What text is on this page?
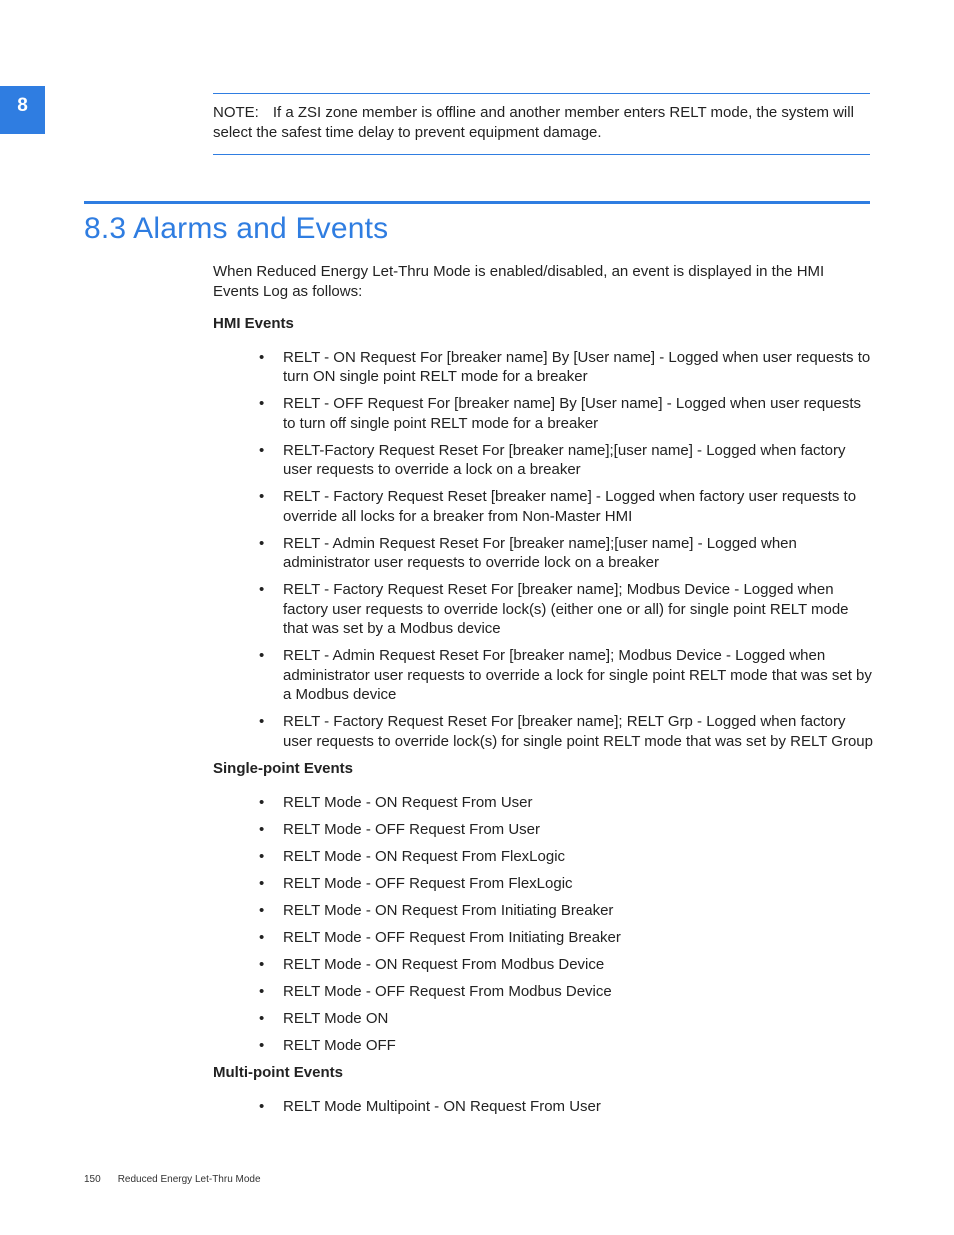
8	NOTE: If a ZSI zone member is offline and another member enters RELT mode, the system will select the safest time delay to prevent equipment damage.
8.3 Alarms and Events

When Reduced Energy Let-Thru Mode is enabled/disabled, an event is displayed in the HMI Events Log as follows:

HMI Events

• RELT - ON Request For [breaker name] By [User name] - Logged when user requests to turn ON single point RELT mode for a breaker
• RELT - OFF Request For [breaker name] By [User name] - Logged when user requests to turn off single point RELT mode for a breaker
• RELT-Factory Request Reset For [breaker name];[user name] - Logged when factory user requests to override a lock on a breaker
• RELT - Factory Request Reset [breaker name] - Logged when factory user requests to override all locks for a breaker from Non-Master HMI
• RELT - Admin Request Reset For [breaker name];[user name] - Logged when administrator user requests to override lock on a breaker
• RELT - Factory Request Reset For [breaker name]; Modbus Device - Logged when factory user requests to override lock(s) (either one or all) for single point RELT mode that was set by a Modbus device
• RELT - Admin Request Reset For [breaker name]; Modbus Device - Logged when administrator user requests to override a lock for single point RELT mode that was set by a Modbus device
• RELT - Factory Request Reset For [breaker name]; RELT Grp - Logged when factory user requests to override lock(s) for single point RELT mode that was set by RELT Group

Single-point Events

• RELT Mode - ON Request From User
• RELT Mode - OFF Request From User
• RELT Mode - ON Request From FlexLogic
• RELT Mode - OFF Request From FlexLogic
• RELT Mode - ON Request From Initiating Breaker
• RELT Mode - OFF Request From Initiating Breaker
• RELT Mode - ON Request From Modbus Device
• RELT Mode - OFF Request From Modbus Device
• RELT Mode ON
• RELT Mode OFF

Multi-point Events

• RELT Mode Multipoint - ON Request From User
150 Reduced Energy Let-Thru Mode
